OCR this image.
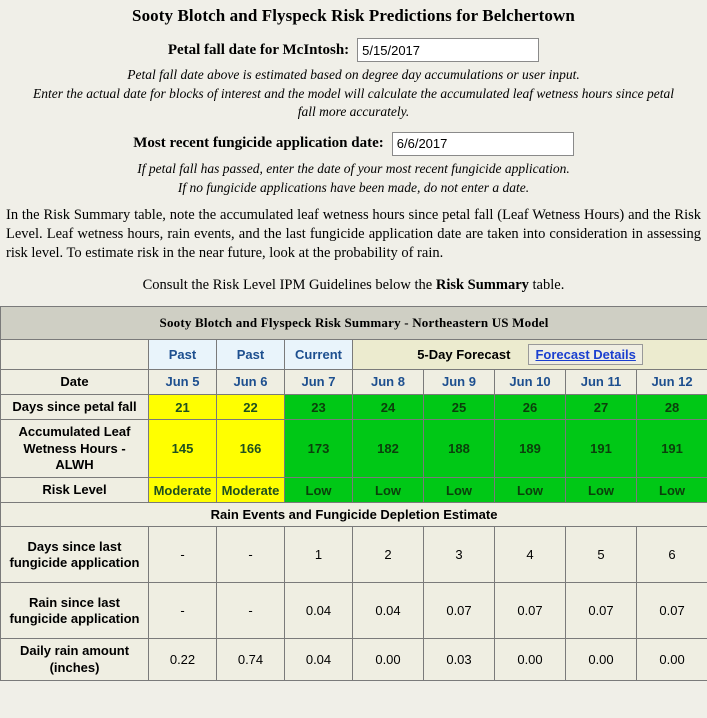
Sooty Blotch and Flyspeck Risk Predictions for Belchertown
Petal fall date for McIntosh:
5/15/2017
Petal fall date above is estimated based on degree day accumulations or user input.
Enter the actual date for blocks of interest and the model will calculate the accumulated leaf wetness hours since petal fall more accurately.
Most recent fungicide application date:
6/6/2017
If petal fall has passed, enter the date of your most recent fungicide application.
If no fungicide applications have been made, do not enter a date.
In the Risk Summary table, note the accumulated leaf wetness hours since petal fall (Leaf Wetness Hours) and the Risk Level. Leaf wetness hours, rain events, and the last fungicide application date are taken into consideration in assessing risk level. To estimate risk in the near future, look at the probability of rain.
Consult the Risk Level IPM Guidelines below the Risk Summary table.
Sooty Blotch and Flyspeck Risk Summary - Northeastern US Model								
	Past	Past	Current	5-Day Forecast Forecast Details				
Date	Jun 5	Jun 6	Jun 7	Jun 8	Jun 9	Jun 10	Jun 11	Jun 12
Days since petal fall	21	22	23	24	25	26	27	28
Accumulated Leaf Wetness Hours - ALWH	145	166	173	182	188	189	191	191
Risk Level	Moderate	Moderate	Low	Low	Low	Low	Low	Low
Rain Events and Fungicide Depletion Estimate								
Days since last fungicide application	-	-	1	2	3	4	5	6
Rain since last fungicide application	-	-	0.04	0.04	0.07	0.07	0.07	0.07
Daily rain amount (inches)	0.22	0.74	0.04	0.00	0.03	0.00	0.00	0.00
